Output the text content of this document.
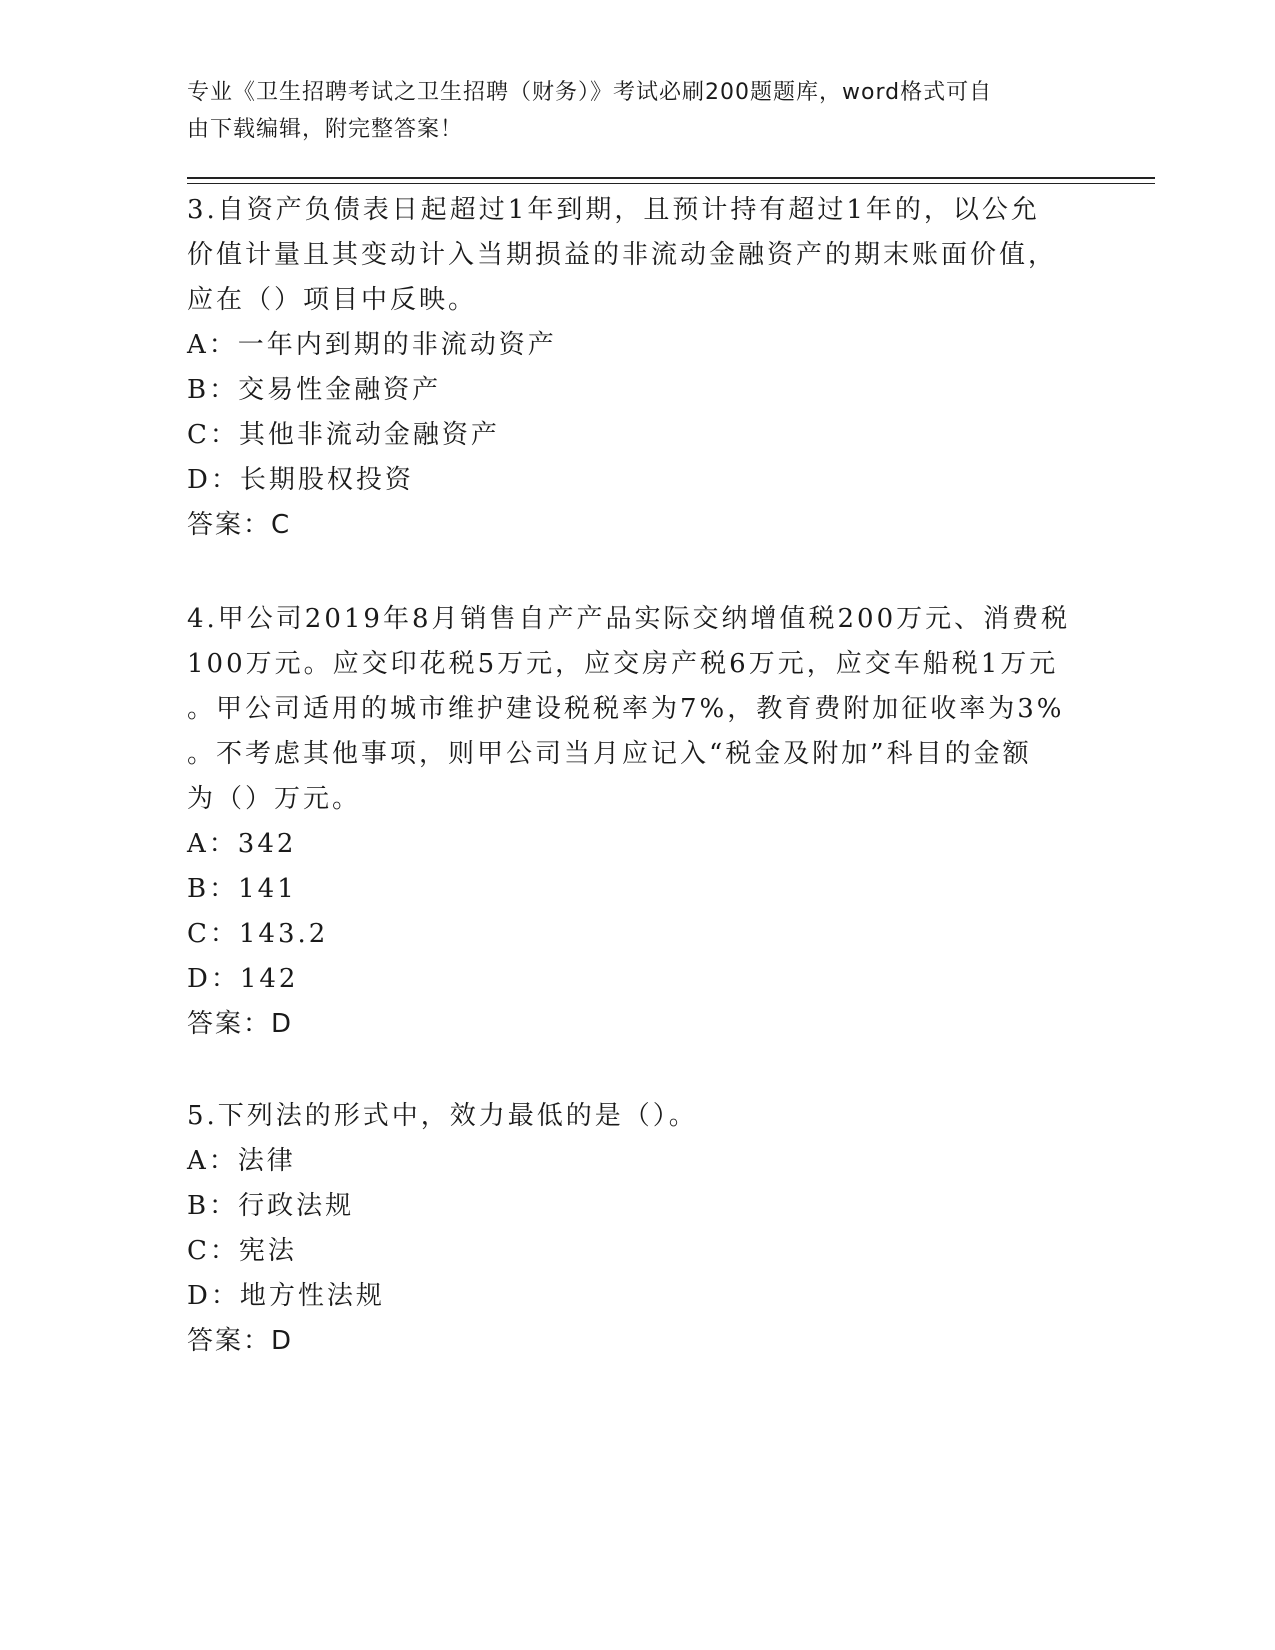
专业《卫生招聘考试之卫生招聘（财务）》考试必刷200题题库，word格式可自
由下载编辑，附完整答案！

3.自资产负债表日起超过1年到期，且预计持有超过1年的，以公允
价值计量且其变动计入当期损益的非流动金融资产的期末账面价值，
应在（）项目中反映。

A：一年内到期的非流动资产

B：交易性金融资产

C：其他非流动金融资产

D：长期股权投资

答案：C

4.甲公司2019年8月销售自产产品实际交纳增值税200万元、消费税
100万元。应交印花税5万元，应交房产税6万元，应交车船税1万元
。甲公司适用的城市维护建设税税率为7%，教育费附加征收率为3%
。不考虑其他事项，则甲公司当月应记入“税金及附加”科目的金额
为（）万元。

A：342

B：141

C：143.2

D：142

答案：D

5.下列法的形式中，效力最低的是（）。

A：法律

B：行政法规

C：宪法

D：地方性法规

答案：D
